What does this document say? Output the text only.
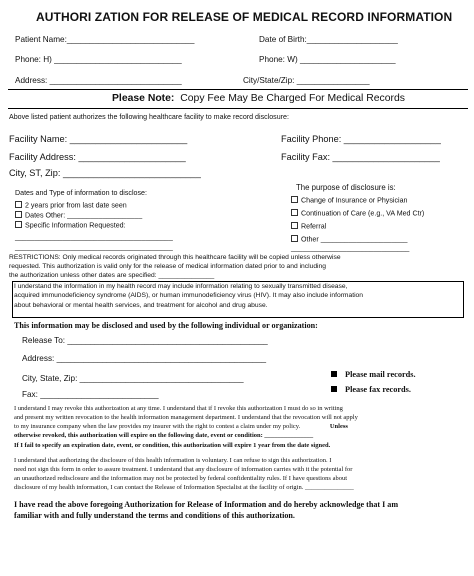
AUTHORI ZATION FOR RELEASE OF MEDICAL RECORD INFORMATION
Patient Name:____________________________	Date of Birth:____________________
Phone: H) ____________________________	Phone: W) _____________________
Address: _____________________________	City/State/Zip: ________________
Please Note: Copy Fee May Be Charged For Medical Records
Above listed patient authorizes the following healthcare facility to make record disclosure:
Facility Name: _______________________	Facility Phone: ___________________
Facility Address: _____________________	Facility Fax: _____________________
City, ST, Zip: ___________________________
Dates and Type of information to disclose:
2 years prior from last date seen
Dates Other: ___________________
Specific Information Requested:
________________________________________
________________________________________
The purpose of disclosure is:
Change of Insurance or Physician
Continuation of Care (e.g., VA Med Ctr)
Referral
Other ______________________
______________________________
RESTRICTIONS: Only medical records originated through this healthcare facility will be copied unless otherwise
requested. This authorization is valid only for the release of medical information dated prior to and including
the authorization unless other dates are specified: _______________
I understand the information in my health record may include information relating to sexually transmitted disease,
acquired immunodeficiency syndrome (AIDS), or human immunodeficiency virus (HIV). It may also include information
about behavioral or mental health services, and treatment for alcohol and drug abuse.
This information may be disclosed and used by the following individual or organization:
Release To: ____________________________________________
Address: ______________________________________________
City, State, Zip: ____________________________________
Fax: __________________________
Please mail records.
Please fax records.
I understand I may revoke this authorization at any time. I understand that if I revoke this authorization I must do so in writing
and present my written revocation to the health information management department. I understand that the revocation will not apply
to my insurance company when the law provides my insurer with the right to contest a claim under my policy.	Unless
otherwise revoked, this authorization will expire on the following date, event or condition: _______________
If I fail to specify an expiration date, event, or condition, this authorization will expire 1 year from the date signed.
I understand that authorizing the disclosure of this health information is voluntary. I can refuse to sign this authorization. I
need not sign this form in order to assure treatment. I understand that any disclosure of information carries with it the potential for
an unauthorized redisclosure and the information may not be protected by federal confidentiality rules. If I have questions about
disclosure of my health information, I can contact the Release of Information Specialist at the facility of origin. _______________
I have read the above foregoing Authorization for Release of Information and do hereby acknowledge that I am
familiar with and fully understand the terms and conditions of this authorization.
